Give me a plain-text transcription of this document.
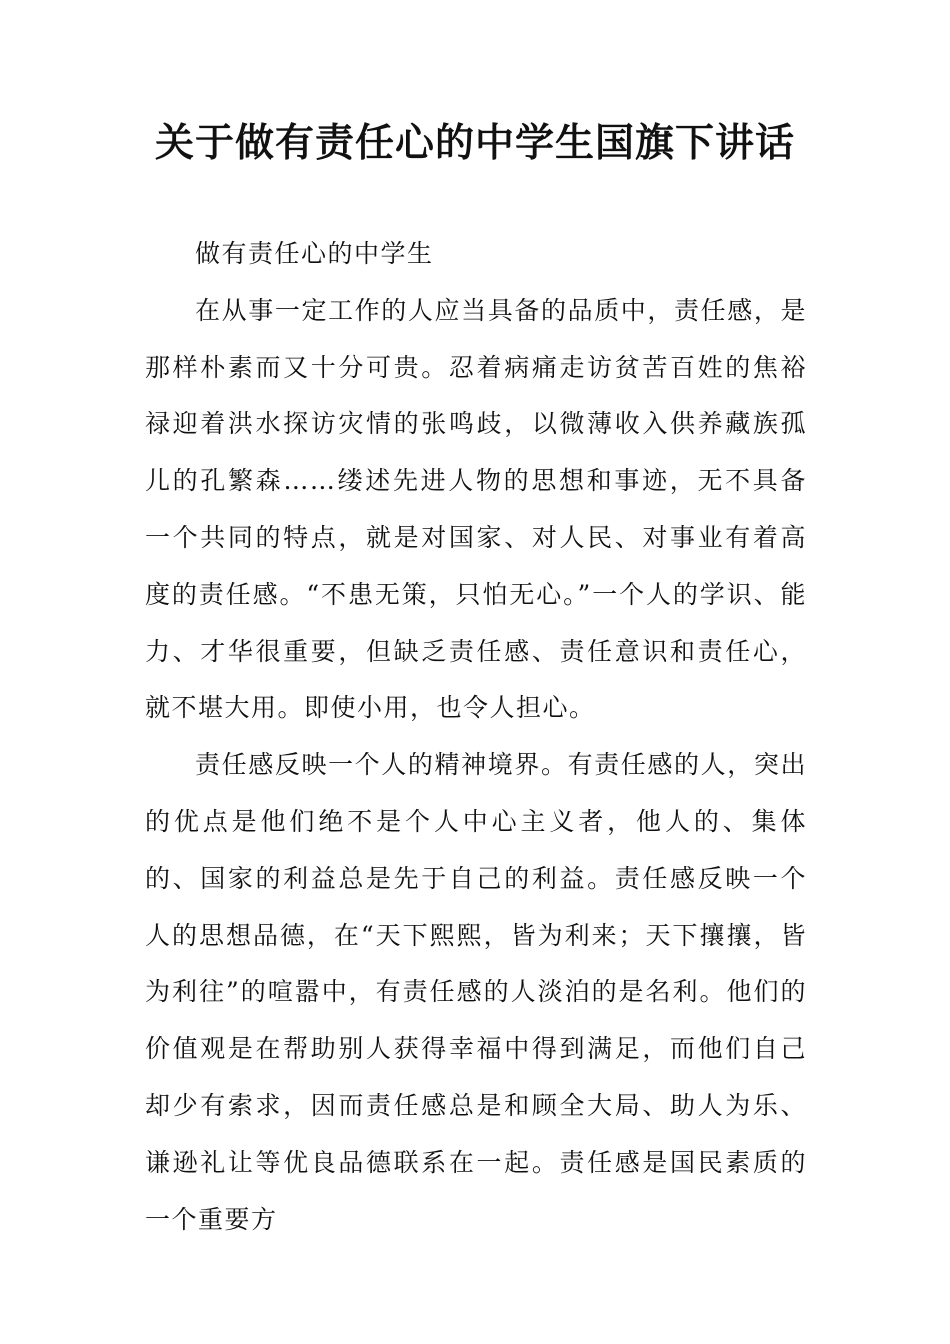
关于做有责任心的中学生国旗下讲话

做有责任心的中学生

在从事一定工作的人应当具备的品质中，责任感，是那样朴素而又十分可贵。忍着病痛走访贫苦百姓的焦裕禄迎着洪水探访灾情的张鸣歧，以微薄收入供养藏族孤儿的孔繁森……缕述先进人物的思想和事迹，无不具备一个共同的特点，就是对国家、对人民、对事业有着高度的责任感。“不患无策，只怕无心。”一个人的学识、能力、才华很重要，但缺乏责任感、责任意识和责任心，就不堪大用。即使小用，也令人担心。

责任感反映一个人的精神境界。有责任感的人，突出的优点是他们绝不是个人中心主义者，他人的、集体的、国家的利益总是先于自己的利益。责任感反映一个人的思想品德，在“天下熙熙，皆为利来；天下攘攘，皆为利往”的喧嚣中，有责任感的人淡泊的是名利。他们的价值观是在帮助别人获得幸福中得到满足，而他们自己却少有索求，因而责任感总是和顾全大局、助人为乐、谦逊礼让等优良品德联系在一起。责任感是国民素质的一个重要方
